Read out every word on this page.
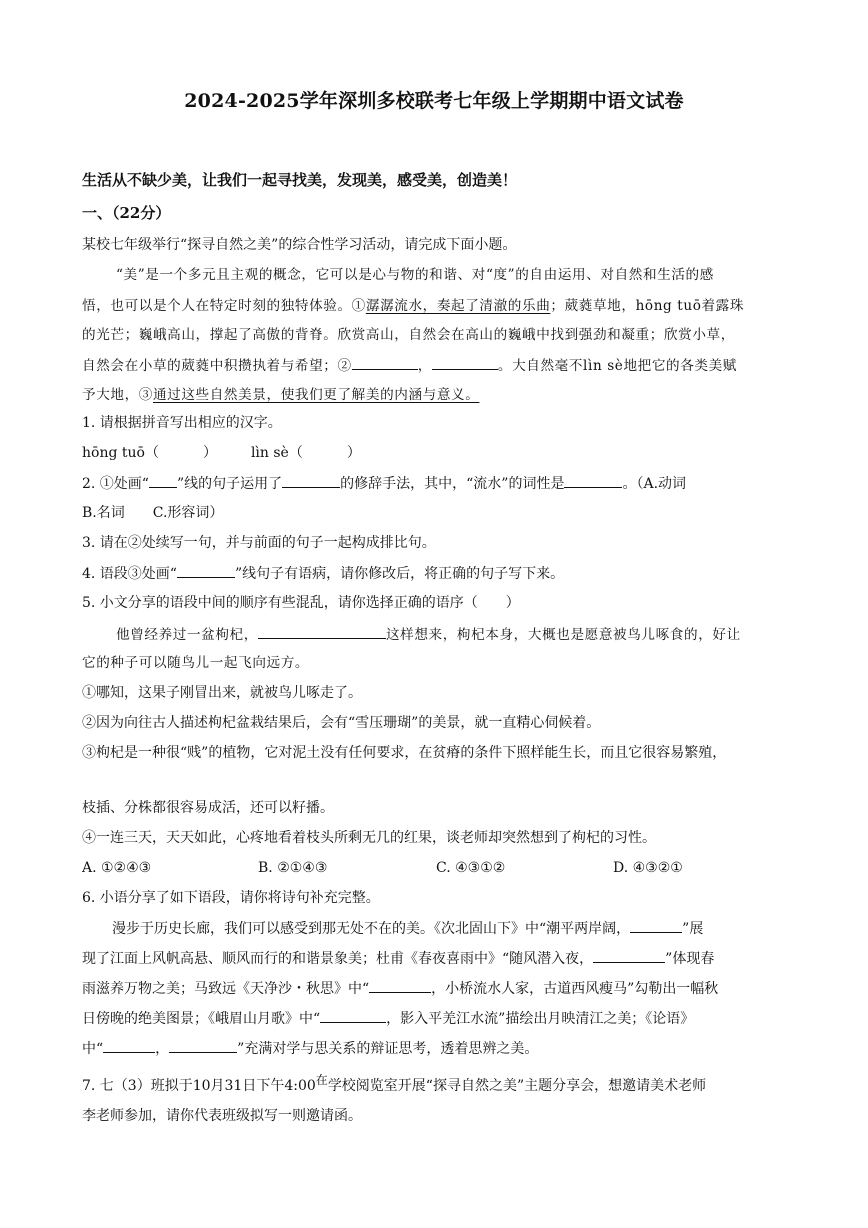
2024-2025学年深圳多校联考七年级上学期期中语文试卷
生活从不缺少美，让我们一起寻找美，发现美，感受美，创造美！
一、（22分）
某校七年级举行“探寻自然之美”的综合性学习活动，请完成下面小题。
“美”是一个多元且主观的概念，它可以是心与物的和谐、对“度”的自由运用、对自然和生活的感
悟，也可以是个人在特定时刻的独特体验。①潺潺流水，奏起了清澈的乐曲；葳蕤草地，hōng tuō着露珠
的光芒；巍峨高山，撑起了高傲的背脊。欣赏高山，自然会在高山的巍峨中找到强劲和凝重；欣赏小草，
自然会在小草的葳蕤中积攒执着与希望；②	，	。大自然毫不lìn sè地把它的各类美赋
予大地，③通过这些自然美景，使我们更了解美的内涵与意义。
1. 请根据拼音写出相应的汉字。
hōng tuō（	） lìn sè（	）
2. ①处画“ ”线的句子运用了	的修辞手法，其中，“流水”的词性是	。（A.动词
B.名词　　C.形容词）
3. 请在②处续写一句，并与前面的句子一起构成排比句。
4. 语段③处画“	”线句子有语病，请你修改后，将正确的句子写下来。
5. 小文分享的语段中间的顺序有些混乱，请你选择正确的语序（　　）
他曾经养过一盆枸杞，	这样想来，枸杞本身，大概也是愿意被鸟儿啄食的，好让
它的种子可以随鸟儿一起飞向远方。
①哪知，这果子刚冒出来，就被鸟儿啄走了。
②因为向往古人描述枸杞盆栽结果后，会有“雪压珊瑚”的美景，就一直精心伺候着。
③枸杞是一种很“贱”的植物，它对泥土没有任何要求，在贫瘠的条件下照样能生长，而且它很容易繁殖，
枝插、分株都很容易成活，还可以籽播。
④一连三天，天天如此，心疼地看着枝头所剩无几的红果，谈老师却突然想到了枸杞的习性。
A. ①②④③	B. ②①④③	C. ④③①②	D. ④③②①
6. 小语分享了如下语段，请你将诗句补充完整。
漫步于历史长廊，我们可以感受到那无处不在的美。《次北固山下》中“潮平两岸阔，	”展
现了江面上风帆高悬、顺风而行的和谐景象美；杜甫《春夜喜雨中》“随风潜入夜，	”体现春
雨滋养万物之美；马致远《天净沙・秋思》中“	，小桥流水人家，古道西风瘦马”勾勒出一幅秋
日傍晚的绝美图景；《峨眉山月歌》中“	，影入平羌江水流”描绘出月映清江之美；《论语》
中“	，	”充满对学与思关系的辩证思考，透着思辨之美。
7. 七（3）班拟于10月31日下午4:00在学校阅览室开展“探寻自然之美”主题分享会，想邀请美术老师
李老师参加，请你代表班级拟写一则邀请函。
